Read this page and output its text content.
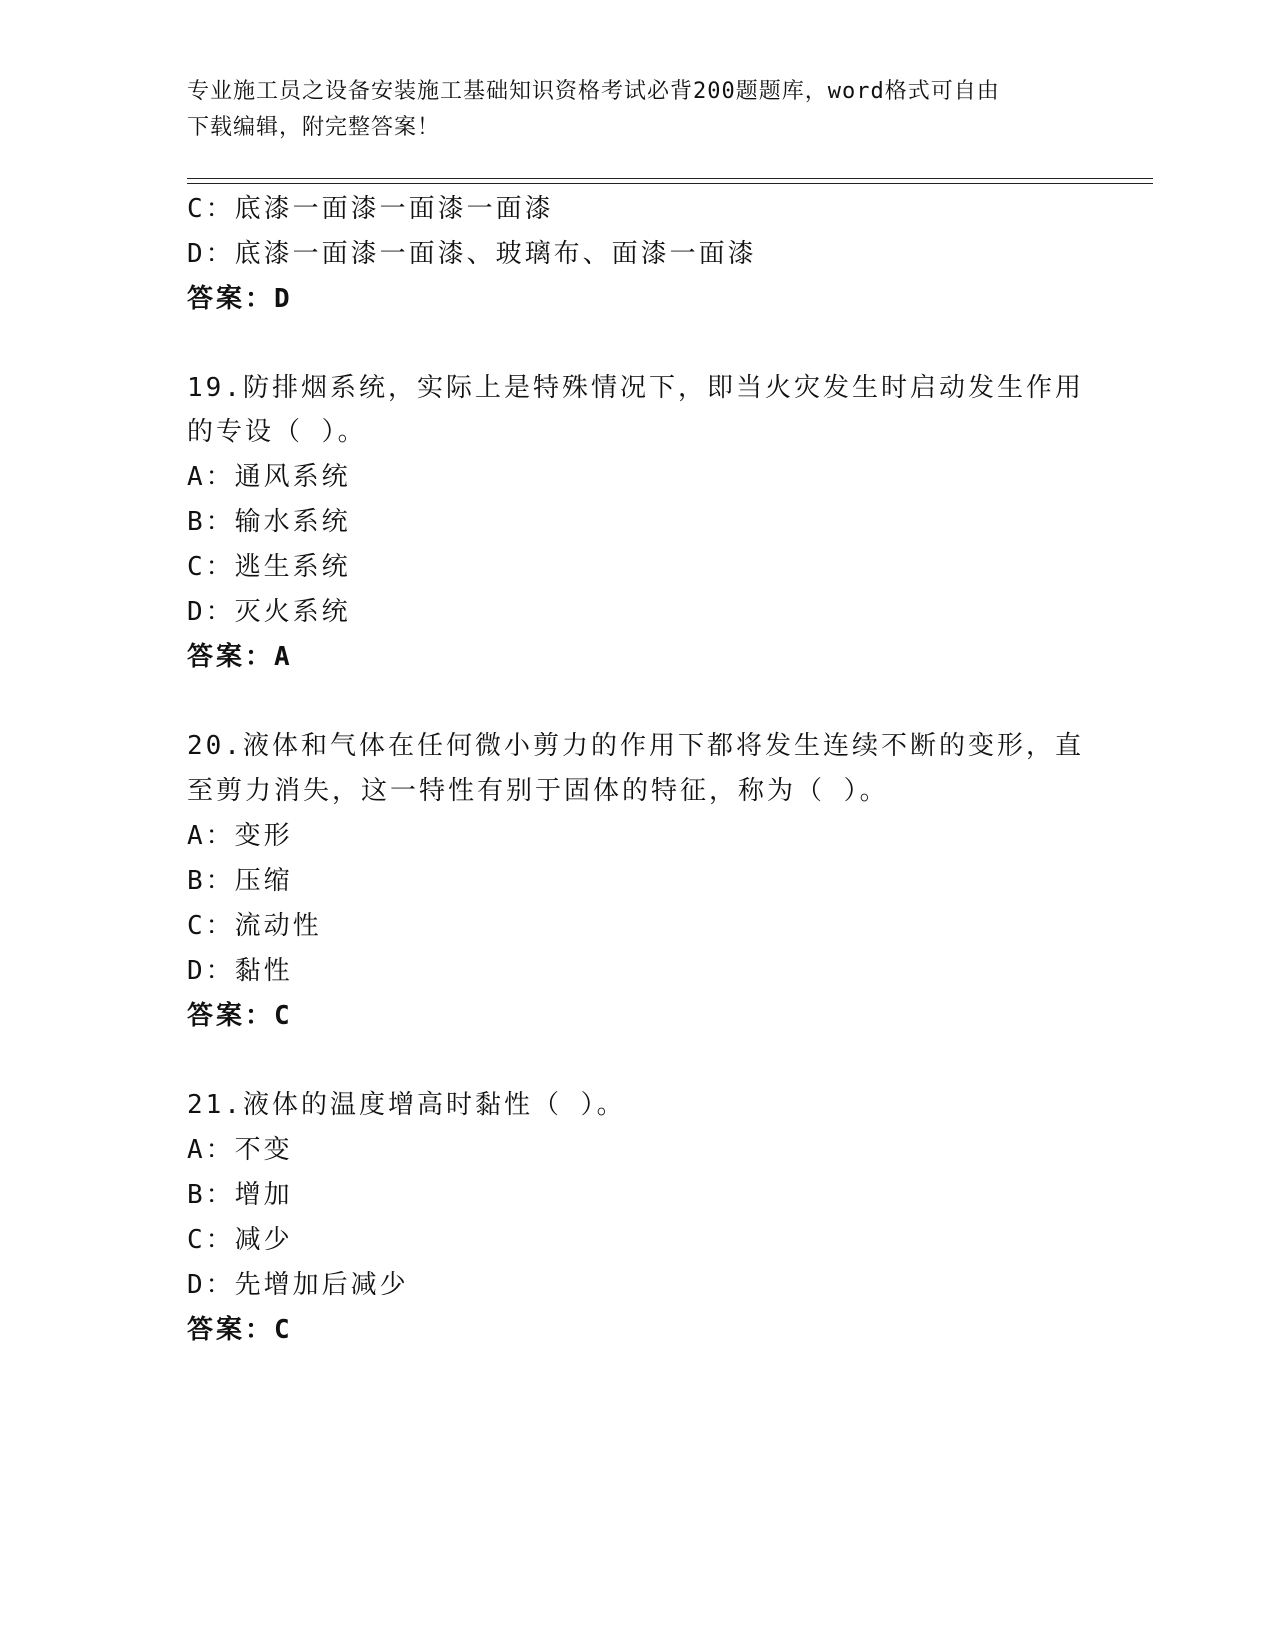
专业施工员之设备安装施工基础知识资格考试必背200题题库，word格式可自由
下载编辑，附完整答案！
C：底漆一面漆一面漆一面漆
D：底漆一面漆一面漆、玻璃布、面漆一面漆
答案：D
19.防排烟系统，实际上是特殊情况下，即当火灾发生时启动发生作用
的专设（ ）。
A：通风系统
B：输水系统
C：逃生系统
D：灭火系统
答案：A
20.液体和气体在任何微小剪力的作用下都将发生连续不断的变形，直
至剪力消失，这一特性有别于固体的特征，称为（ ）。
A：变形
B：压缩
C：流动性
D：黏性
答案：C
21.液体的温度增高时黏性（ ）。
A：不变
B：增加
C：减少
D：先增加后减少
答案：C
